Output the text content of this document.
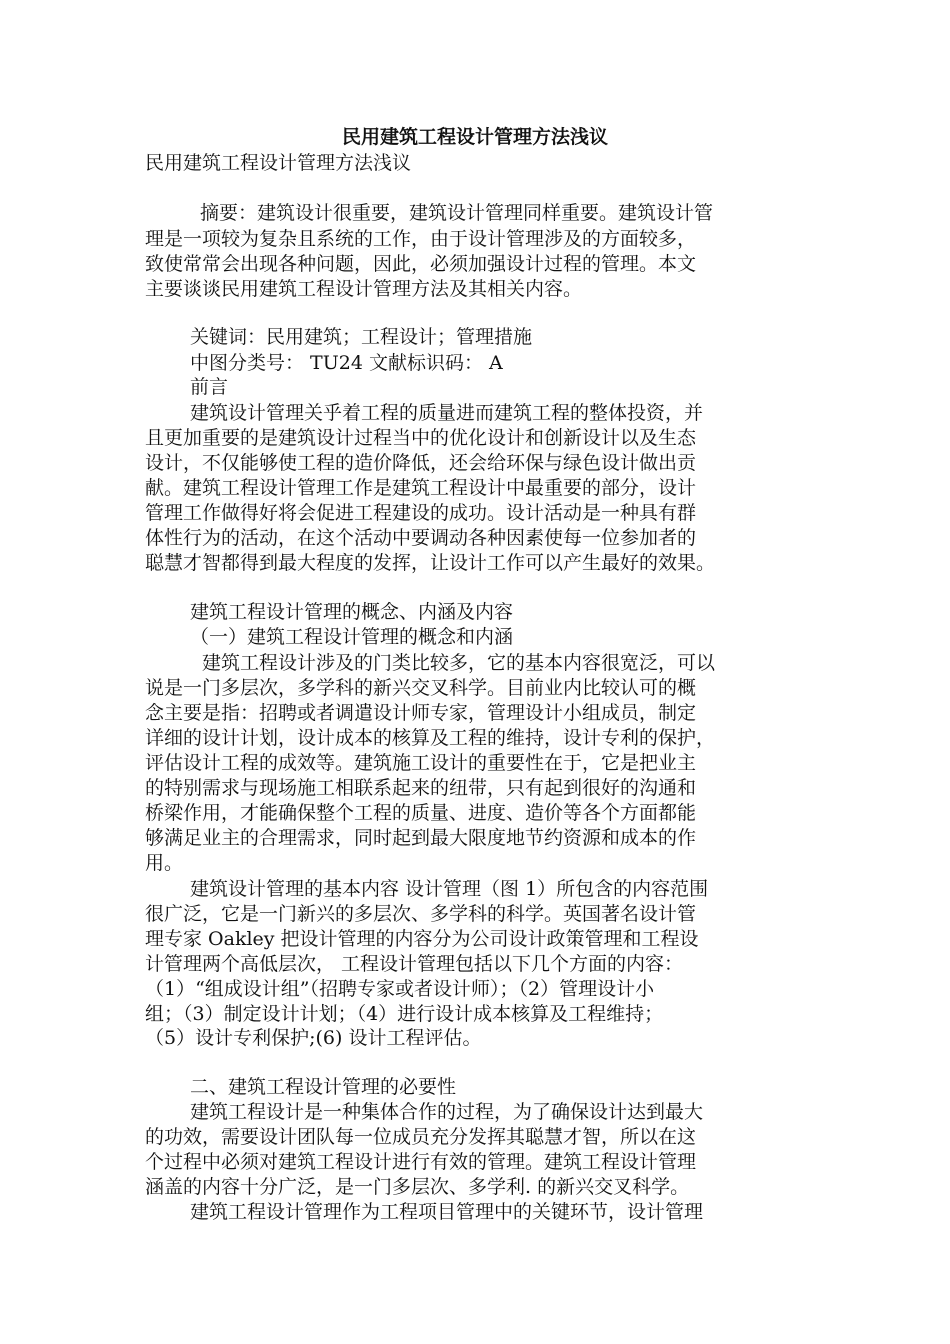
民用建筑工程设计管理方法浅议
民用建筑工程设计管理方法浅议
摘要：建筑设计很重要，建筑设计管理同样重要。建筑设计管
理是一项较为复杂且系统的工作，由于设计管理涉及的方面较多，
致使常常会出现各种问题，因此，必须加强设计过程的管理。本文
主要谈谈民用建筑工程设计管理方法及其相关内容。
关键词：民用建筑；工程设计；管理措施
中图分类号： TU24 文献标识码： A
前言
建筑设计管理关乎着工程的质量进而建筑工程的整体投资，并
且更加重要的是建筑设计过程当中的优化设计和创新设计以及生态
设计，不仅能够使工程的造价降低，还会给环保与绿色设计做出贡
献。建筑工程设计管理工作是建筑工程设计中最重要的部分，设计
管理工作做得好将会促进工程建设的成功。设计活动是一种具有群
体性行为的活动，在这个活动中要调动各种因素使每一位参加者的
聪慧才智都得到最大程度的发挥，让设计工作可以产生最好的效果。
建筑工程设计管理的概念、内涵及内容
（一）建筑工程设计管理的概念和内涵
建筑工程设计涉及的门类比较多，它的基本内容很宽泛，可以
说是一门多层次，多学科的新兴交叉科学。目前业内比较认可的概
念主要是指：招聘或者调遣设计师专家，管理设计小组成员，制定
详细的设计计划，设计成本的核算及工程的维持，设计专利的保护，
评估设计工程的成效等。建筑施工设计的重要性在于，它是把业主
的特别需求与现场施工相联系起来的纽带，只有起到很好的沟通和
桥梁作用，才能确保整个工程的质量、进度、造价等各个方面都能
够满足业主的合理需求，同时起到最大限度地节约资源和成本的作
用。
建筑设计管理的基本内容 设计管理（图 1）所包含的内容范围
很广泛，它是一门新兴的多层次、多学科的科学。英国著名设计管
理专家 Oakley 把设计管理的内容分为公司设计政策管理和工程设
计管理两个高低层次， 工程设计管理包括以下几个方面的内容：
（1）“组成设计组”（招聘专家或者设计师）；（2）管理设计小
组；（3）制定设计计划；（4）进行设计成本核算及工程维持；
（5）设计专利保护;(6) 设计工程评估。
二、建筑工程设计管理的必要性
建筑工程设计是一种集体合作的过程，为了确保设计达到最大
的功效，需要设计团队每一位成员充分发挥其聪慧才智，所以在这
个过程中必须对建筑工程设计进行有效的管理。建筑工程设计管理
涵盖的内容十分广泛，是一门多层次、多学利. 的新兴交叉科学。
建筑工程设计管理作为工程项目管理中的关键环节，设计管理
